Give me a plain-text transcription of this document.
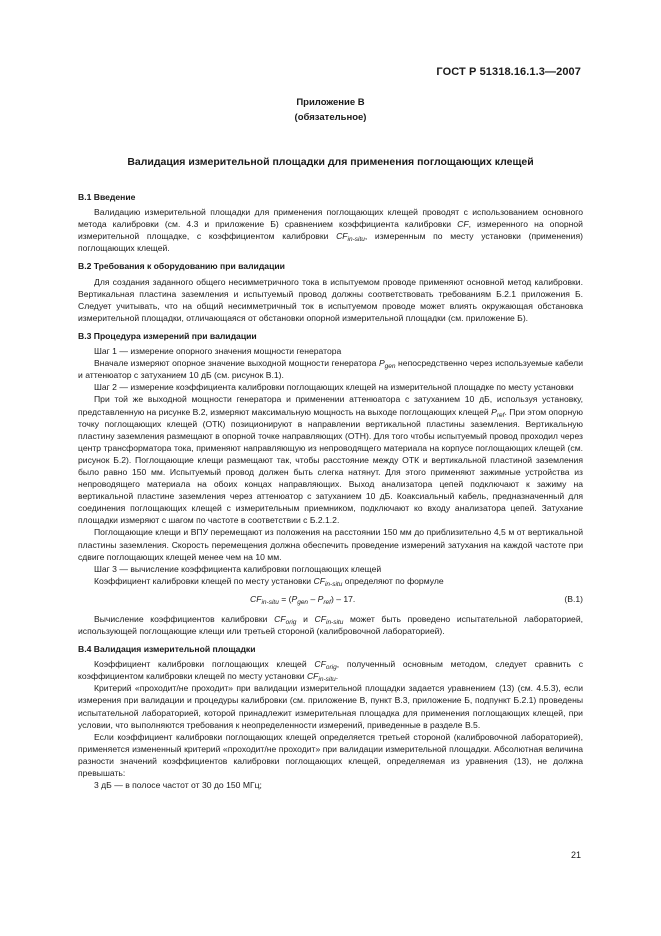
ГОСТ Р 51318.16.1.3—2007
Приложение В
(обязательное)
Валидация измерительной площадки для применения поглощающих клещей
В.1 Введение

Валидацию измерительной площадки для применения поглощающих клещей проводят с использованием основного метода калибровки (см. 4.3 и приложение Б) сравнением коэффициента калибровки CF, измеренного на опорной измерительной площадке, с коэффициентом калибровки $CF_{in-situ}$, измеренным по месту установки (применения) поглощающих клещей.

В.2 Требования к оборудованию при валидации

Для создания заданного общего несимметричного тока в испытуемом проводе применяют основной метод калибровки. Вертикальная пластина заземления и испытуемый провод должны соответствовать требованиям Б.2.1 приложения Б. Следует учитывать, что на общий несимметричный ток в испытуемом проводе может влиять окружающая обстановка измерительной площадки, отличающаяся от обстановки опорной измерительной площадки (см. приложение Б).

В.3 Процедура измерений при валидации

Шаг 1 — измерение опорного значения мощности генератора

Вначале измеряют опорное значение выходной мощности генератора $P_{gen}$ непосредственно через используемые кабели и аттенюатор с затуханием 10 дБ (см. рисунок В.1).

Шаг 2 — измерение коэффициента калибровки поглощающих клещей на измерительной площадке по месту установки

При той же выходной мощности генератора и применении аттенюатора с затуханием 10 дБ, используя установку, представленную на рисунке В.2, измеряют максимальную мощность на выходе поглощающих клещей $P_{ref}$. При этом опорную точку поглощающих клещей (ОТК) позиционируют в направлении вертикальной пластины заземления. Вертикальную пластину заземления размещают в опорной точке направляющих (ОТН). Для того чтобы испытуемый провод проходил через центр трансформатора тока, применяют направляющую из непроводящего материала на корпусе поглощающих клещей (см. рисунок Б.2). Поглощающие клещи размещают так, чтобы расстояние между ОТК и вертикальной пластиной заземления было равно 150 мм. Испытуемый провод должен быть слегка натянут. Для этого применяют зажимные устройства из непроводящего материала на обоих концах направляющих. Выход анализатора цепей подключают к зажиму на вертикальной пластине заземления через аттенюатор с затуханием 10 дБ. Коаксиальный кабель, предназначенный для соединения поглощающих клещей с измерительным приемником, подключают ко входу анализатора цепей. Затухание площадки измеряют с шагом по частоте в соответствии с Б.2.1.2.

Поглощающие клещи и ВПУ перемещают из положения на расстоянии 150 мм до приблизительно 4,5 м от вертикальной пластины заземления. Скорость перемещения должна обеспечить проведение измерений затухания на каждой частоте при сдвиге поглощающих клещей менее чем на 10 мм.

Шаг 3 — вычисление коэффициента калибровки поглощающих клещей

Коэффициент калибровки клещей по месту установки $CF_{in-situ}$ определяют по формуле

$CF_{in-situ} = (P_{gen} - P_{ref}) - 17$.	(В.1)

Вычисление коэффициентов калибровки $CF_{orig}$ и $CF_{in-situ}$ может быть проведено испытательной лабораторией, использующей поглощающие клещи или третьей стороной (калибровочной лабораторией).

В.4 Валидация измерительной площадки

Коэффициент калибровки поглощающих клещей $CF_{orig}$, полученный основным методом, следует сравнить с коэффициентом калибровки клещей по месту установки $CF_{in-situ}$.

Критерий «проходит/не проходит» при валидации измерительной площадки задается уравнением (13) (см. 4.5.3), если измерения при валидации и процедуры калибровки (см. приложение В, пункт В.3, приложение Б, подпункт Б.2.1) проведены испытательной лабораторией, которой принадлежит измерительная площадка для применения поглощающих клещей, при условии, что выполняются требования к неопределенности измерений, приведенные в разделе В.5.

Если коэффициент калибровки поглощающих клещей определяется третьей стороной (калибровочной лабораторией), применяется измененный критерий «проходит/не проходит» при валидации измерительной площадки. Абсолютная величина разности значений коэффициентов калибровки поглощающих клещей, определяемая из уравнения (13), не должна превышать:

3 дБ — в полосе частот от 30 до 150 МГц;

21
